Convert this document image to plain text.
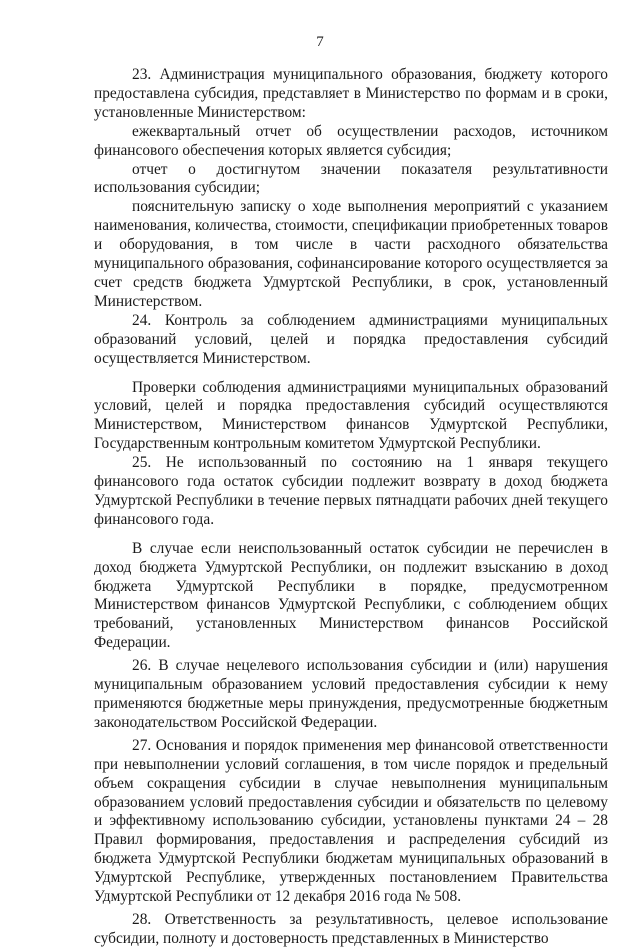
7

23. Администрация муниципального образования, бюджету которого предоставлена субсидия, представляет в Министерство по формам и в сроки, установленные Министерством:

ежеквартальный отчет об осуществлении расходов, источником финансового обеспечения которых является субсидия;

отчет о достигнутом значении показателя результативности использования субсидии;

пояснительную записку о ходе выполнения мероприятий с указанием наименования, количества, стоимости, спецификации приобретенных товаров и оборудования, в том числе в части расходного обязательства муниципального образования, софинансирование которого осуществляется за счет средств бюджета Удмуртской Республики, в срок, установленный Министерством.

24. Контроль за соблюдением администрациями муниципальных образований условий, целей и порядка предоставления субсидий осуществляется Министерством.

Проверки соблюдения администрациями муниципальных образований условий, целей и порядка предоставления субсидий осуществляются Министерством, Министерством финансов Удмуртской Республики, Государственным контрольным комитетом Удмуртской Республики.

25. Не использованный по состоянию на 1 января текущего финансового года остаток субсидии подлежит возврату в доход бюджета Удмуртской Республики в течение первых пятнадцати рабочих дней текущего финансового года.

В случае если неиспользованный остаток субсидии не перечислен в доход бюджета Удмуртской Республики, он подлежит взысканию в доход бюджета Удмуртской Республики в порядке, предусмотренном Министерством финансов Удмуртской Республики, с соблюдением общих требований, установленных Министерством финансов Российской Федерации.

26. В случае нецелевого использования субсидии и (или) нарушения муниципальным образованием условий предоставления субсидии к нему применяются бюджетные меры принуждения, предусмотренные бюджетным законодательством Российской Федерации.

27. Основания и порядок применения мер финансовой ответственности при невыполнении условий соглашения, в том числе порядок и предельный объем сокращения субсидии в случае невыполнения муниципальным образованием условий предоставления субсидии и обязательств по целевому и эффективному использованию субсидии, установлены пунктами 24 – 28 Правил формирования, предоставления и распределения субсидий из бюджета Удмуртской Республики бюджетам муниципальных образований в Удмуртской Республике, утвержденных постановлением Правительства Удмуртской Республики от 12 декабря 2016 года № 508.

28. Ответственность за результативность, целевое использование субсидии, полноту и достоверность представленных в Министерство
